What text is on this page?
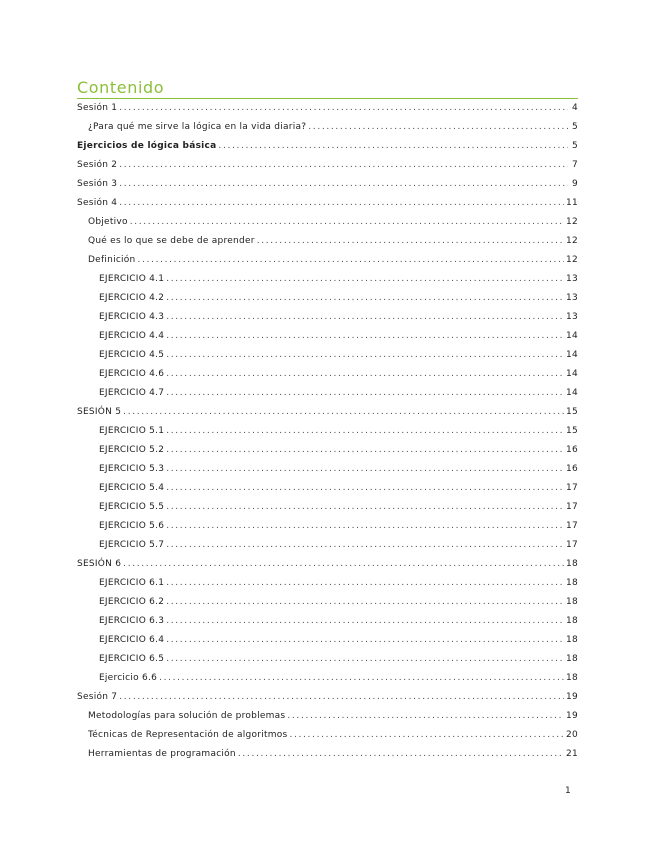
Contenido
Sesión 1 . . .	4
¿Para qué me sirve la lógica en la vida diaria? . . .	5
Ejercicios de lógica básica . . .	5
Sesión 2 . . .	7
Sesión 3 . . .	9
Sesión 4 . . .	11
Objetivo . . .	12
Qué es lo que se debe de aprender . . .	12
Definición . . .	12
EJERCICIO 4.1 . . .	13
EJERCICIO 4.2 . . .	13
EJERCICIO 4.3 . . .	13
EJERCICIO 4.4 . . .	14
EJERCICIO 4.5 . . .	14
EJERCICIO 4.6 . . .	14
EJERCICIO 4.7 . . .	14
SESIÓN 5 . . .	15
EJERCICIO 5.1 . . .	15
EJERCICIO 5.2 . . .	16
EJERCICIO 5.3 . . .	16
EJERCICIO 5.4 . . .	17
EJERCICIO 5.5 . . .	17
EJERCICIO 5.6 . . .	17
EJERCICIO 5.7 . . .	17
SESIÓN 6 . . .	18
EJERCICIO 6.1 . . .	18
EJERCICIO 6.2 . . .	18
EJERCICIO 6.3 . . .	18
EJERCICIO 6.4 . . .	18
EJERCICIO 6.5 . . .	18
Ejercicio 6.6 . . .	18
Sesión 7 . . .	19
Metodologías para solución de problemas . . .	19
Técnicas de Representación de algoritmos . . .	20
Herramientas de programación . . .	21
1
